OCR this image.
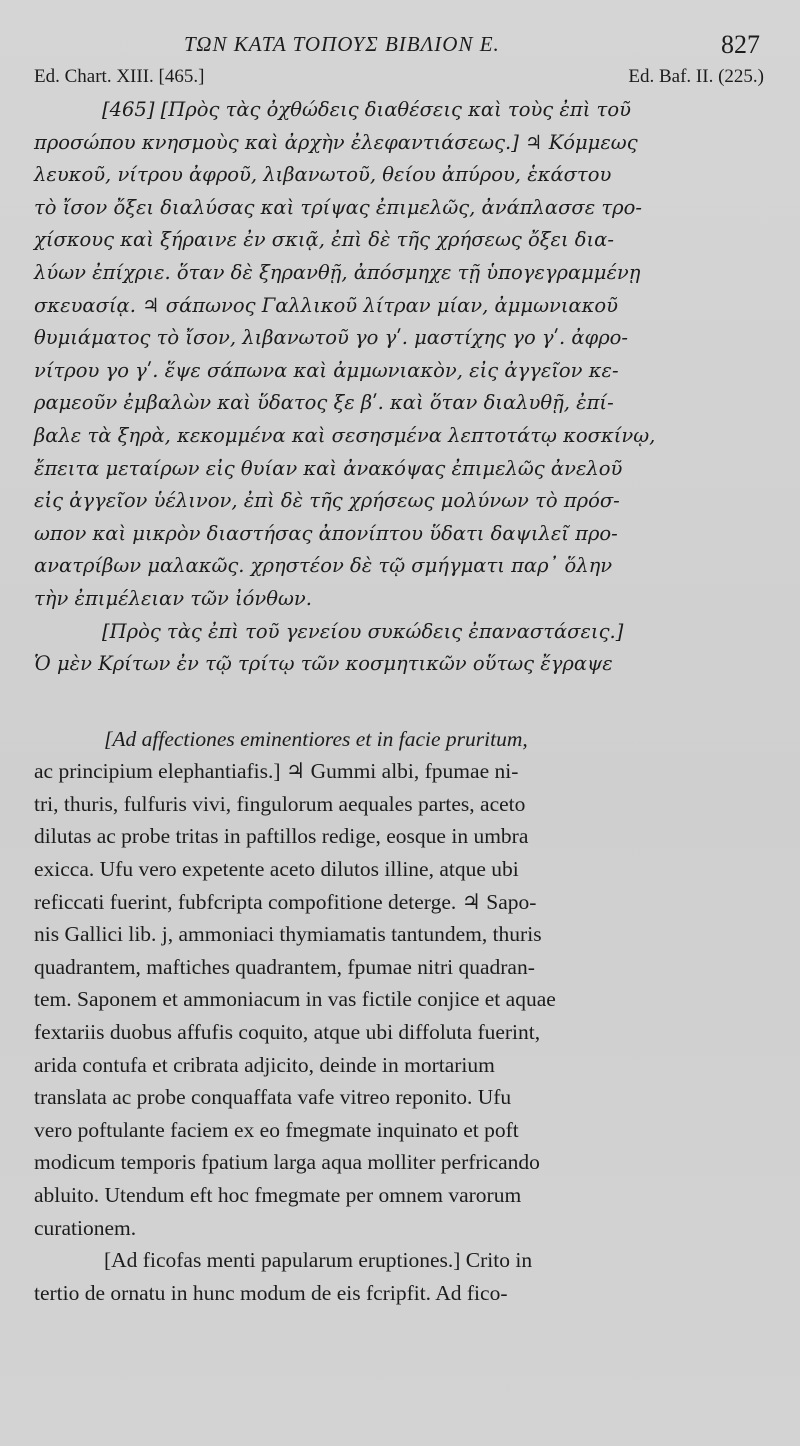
ΤΩΝ ΚΑΤΑ ΤΟΠΟΥΣ ΒΙΒΛΙΟΝ Ε.	827
Ed. Chart. XIII. [465.]	Ed. Baf. II. (225.)
[465] [Πρὸς τὰς ὀχθώδεις διαθέσεις καὶ τοὺς ἐπὶ τοῦ
προσώπου κνησμοὺς καὶ ἀρχὴν ἐλεφαντιάσεως.] ♃ Κόμμεως
λευκοῦ, νίτρου ἀφροῦ, λιβανωτοῦ, θείου ἀπύρου, ἑκάστου
τὸ ἴσον ὄξει διαλύσας καὶ τρίψας ἐπιμελῶς, ἀνάπλασσε τρο-
χίσκους καὶ ξήραινε ἐν σκιᾷ, ἐπὶ δὲ τῆς χρήσεως ὄξει δια-
λύων ἐπίχριε. ὅταν δὲ ξηρανθῇ, ἀπόσμηχε τῇ ὑπογεγραμμένῃ
σκευασίᾳ. ♃ σάπωνος Γαλλικοῦ λίτραν μίαν, ἀμμωνιακοῦ
θυμιάματος τὸ ἴσον, λιβανωτοῦ γο γʹ. μαστίχης γο γʹ. ἀφρο-
νίτρου γο γʹ. ἕψε σάπωνα καὶ ἀμμωνιακὸν, εἰς ἀγγεῖον κε-
ραμεοῦν ἐμβαλὼν καὶ ὕδατος ξε βʹ. καὶ ὅταν διαλυθῇ, ἐπί-
βαλε τὰ ξηρὰ, κεκομμένα καὶ σεσησμένα λεπτοτάτῳ κοσκίνῳ,
ἔπειτα μεταίρων εἰς θυίαν καὶ ἀνακόψας ἐπιμελῶς ἀνελοῦ
εἰς ἀγγεῖον ὑέλινον, ἐπὶ δὲ τῆς χρήσεως μολύνων τὸ πρόσ-
ωπον καὶ μικρὸν διαστήσας ἀπονίπτου ὕδατι δαψιλεῖ προ-
ανατρίβων μαλακῶς. χρηστέον δὲ τῷ σμήγματι παρ᾽ ὅλην
τὴν ἐπιμέλειαν τῶν ἰόνθων.
[Πρὸς τὰς ἐπὶ τοῦ γενείου συκώδεις ἐπαναστάσεις.]
Ὁ μὲν Κρίτων ἐν τῷ τρίτῳ τῶν κοσμητικῶν οὕτως ἔγραψε
[Ad affectiones eminentiores et in facie pruritum,
ac principium elephantiafis.] ♃ Gummi albi, fpumae ni-
tri, thuris, fulfuris vivi, fingulorum aequales partes, aceto
dilutas ac probe tritas in paftillos redige, eosque in umbra
exicca. Ufu vero expetente aceto dilutos illine, atque ubi
reficcati fuerint, fubfcripta compofitione deterge. ♃ Sapo-
nis Gallici lib. j, ammoniaci thymiamatis tantundem, thuris
quadrantem, maftiches quadrantem, fpumae nitri quadran-
tem. Saponem et ammoniacum in vas fictile conjice et aquae
fextariis duobus affufis coquito, atque ubi diffoluta fuerint,
arida contufa et cribrata adjicito, deinde in mortarium
translata ac probe conquaffata vafe vitreo reponito. Ufu
vero poftulante faciem ex eo fmegmate inquinato et poft
modicum temporis fpatium larga aqua molliter perfricando
abluito. Utendum eft hoc fmegmate per omnem varorum
curationem.
[Ad ficofas menti papularum eruptiones.] Crito in
tertio de ornatu in hunc modum de eis fcripfit. Ad fico-
